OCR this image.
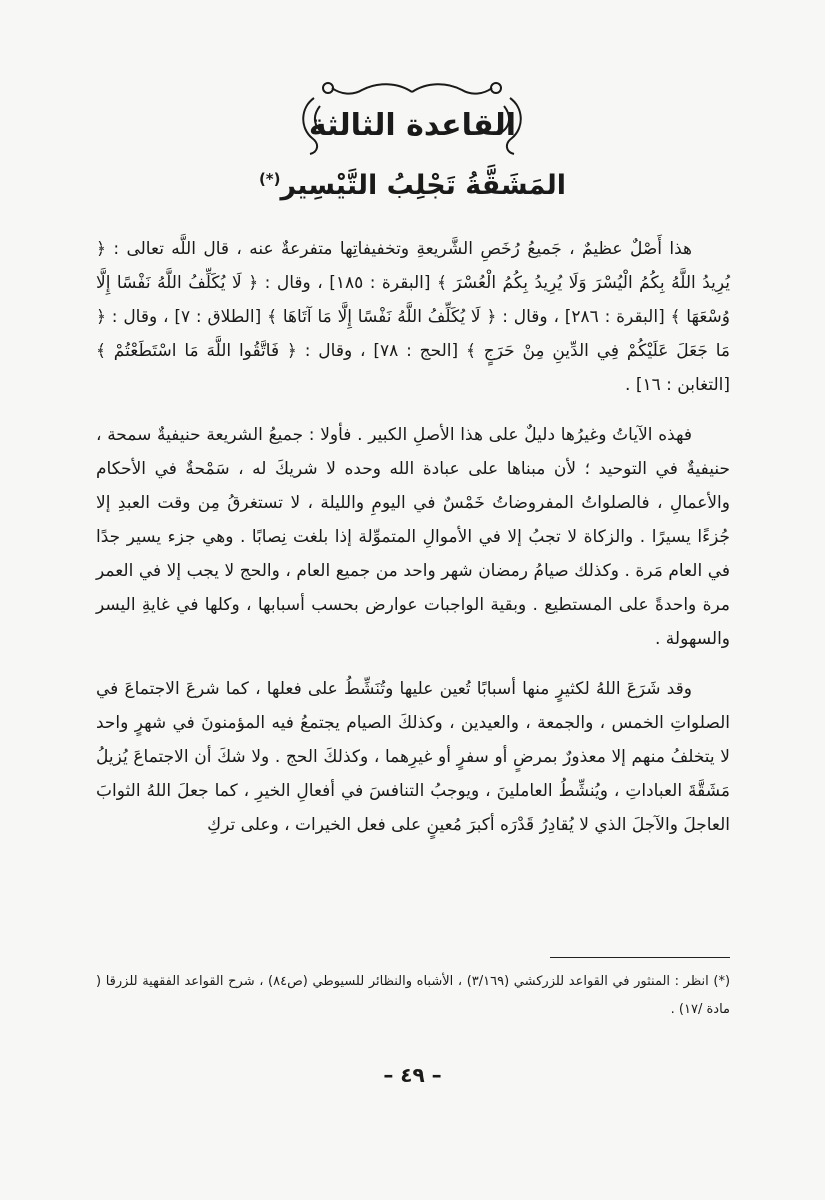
القاعدة الثالثة
المَشَقَّةُ تَجْلِبُ التَّيْسِير(*)

هذا أَصْلٌ عظيمٌ ، جَميعُ رُخَصِ الشَّريعةِ وتخفيفاتِها متفرعةٌ عنه ، قال اللَّه تعالى : ﴿ يُرِيدُ اللَّهُ بِكُمُ الْيُسْرَ وَلَا يُرِيدُ بِكُمُ الْعُسْرَ ﴾ [البقرة : ١٨٥] ، وقال : ﴿ لَا يُكَلِّفُ اللَّهُ نَفْسًا إِلَّا وُسْعَهَا ﴾ [البقرة : ٢٨٦] ، وقال : ﴿ لَا يُكَلِّفُ اللَّهُ نَفْسًا إِلَّا مَا آتَاهَا ﴾ [الطلاق : ٧] ، وقال : ﴿ مَا جَعَلَ عَلَيْكُمْ فِي الدِّينِ مِنْ حَرَجٍ ﴾ [الحج : ٧٨] ، وقال : ﴿ فَاتَّقُوا اللَّهَ مَا اسْتَطَعْتُمْ ﴾ [التغابن : ١٦] .

فهذه الآياتُ وغيرُها دليلٌ على هذا الأصلِ الكبير . فأولا : جميعُ الشريعة حنيفيةٌ سمحة ، حنيفيةٌ في التوحيد ؛ لأن مبناها على عبادة الله وحده لا شريكَ له ، سَمْحةٌ في الأحكام والأعمالِ ، فالصلواتُ المفروضاتُ خَمْسٌ في اليومِ والليلة ، لا تستغرقُ مِن وقت العبدِ إلا جُزءًا يسيرًا . والزكاة لا تجبُ إلا في الأموالِ المتموِّلة إذا بلغت نِصابًا . وهي جزء يسير جدًا في العام مَرة . وكذلك صيامُ رمضان شهر واحد من جميع العام ، والحج لا يجب إلا في العمر مرة واحدةً على المستطيع . وبقية الواجبات عوارض بحسب أسبابها ، وكلها في غايةِ اليسر والسهولة .

وقد شَرَعَ اللهُ لكثيرٍ منها أسبابًا تُعين عليها وتُنَشِّطُ على فعلها ، كما شرعَ الاجتماعَ في الصلواتِ الخمس ، والجمعة ، والعيدين ، وكذلكَ الصيام يجتمعُ فيه المؤمنونَ في شهرٍ واحد لا يتخلفُ منهم إلا معذورٌ بمرضٍ أو سفرٍ أو غيرِهما ، وكذلكَ الحج . ولا شكَ أن الاجتماعَ يُزيلُ مَشَقَّةَ العباداتِ ، ويُنشِّطُ العاملينَ ، ويوجبُ التنافسَ في أفعالِ الخيرِ ، كما جعلَ اللهُ الثوابَ العاجلَ والآجلَ الذي لا يُقادِرُ قَدْرَه أكبرَ مُعينٍ على فعل الخيرات ، وعلى تركِ

(*) انظر : المنثور في القواعد للزركشي (٣/١٦٩) ، الأشباه والنظائر للسيوطي (ص٨٤) ، شرح القواعد الفقهية للزرقا ( مادة /١٧) .
– ٤٩ –
